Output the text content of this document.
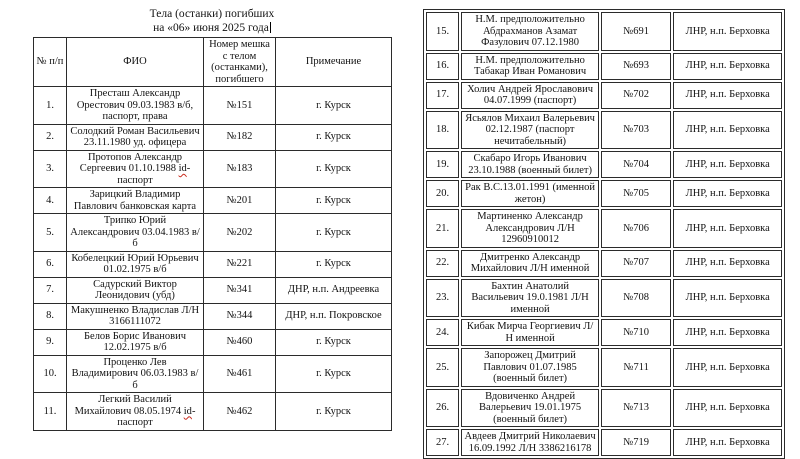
Тела (останки) погибших
на «06» июня 2025 года
№ п/п	ФИО	Номер мешка с телом (останками), погибшего	Примечание
1.	Престаш Александр Орестович 09.03.1983 в/б, паспорт, права	№151	г. Курск
2.	Солодкий Роман Васильевич 23.11.1980 уд. офицера	№182	г. Курск
3.	Протопов Александр Сергеевич 01.10.1988 id-паспорт	№183	г. Курск
4.	Зарицкий Владимир Павлович банковская карта	№201	г. Курск
5.	Трипко Юрий Александрович 03.04.1983 в/б	№202	г. Курск
6.	Кобелецкий Юрий Юрьевич 01.02.1975 в/б	№221	г. Курск
7.	Садурский Виктор Леонидович (убд)	№341	ДНР, н.п. Андреевка
8.	Макушненко Владислав Л/Н 3166111072	№344	ДНР, н.п. Покровское
9.	Белов Борис Иванович 12.02.1975 в/б	№460	г. Курск
10.	Проценко Лев Владимирович 06.03.1983 в/б	№461	г. Курск
11.	Легкий Василий Михайлович 08.05.1974 id-паспорт	№462	г. Курск
15.	Н.М. предположительно Абдрахманов Азамат Фазулович 07.12.1980	№691	ЛНР, н.п. Берховка
16.	Н.М. предположительно Табакар Иван Романович	№693	ЛНР, н.п. Берховка
17.	Холич Андрей Ярославович 04.07.1999 (паспорт)	№702	ЛНР, н.п. Берховка
18.	Ясьялов Михаил Валерьевич 02.12.1987 (паспорт нечитабельный)	№703	ЛНР, н.п. Берховка
19.	Скабаро Игорь Иванович 23.10.1988 (военный билет)	№704	ЛНР, н.п. Берховка
20.	Рак В.С.13.01.1991 (именной жетон)	№705	ЛНР, н.п. Берховка
21.	Мартиненко Александр Александрович Л/Н 12960910012	№706	ЛНР, н.п. Берховка
22.	Дмитренко Александр Михайлович Л/Н именной	№707	ЛНР, н.п. Берховка
23.	Бахтин Анатолий Васильевич 19.0.1981 Л/Н именной	№708	ЛНР, н.п. Берховка
24.	Кибак Мирча Георгиевич Л/Н именной	№710	ЛНР, н.п. Берховка
25.	Запорожец Дмитрий Павлович 01.07.1985 (военный билет)	№711	ЛНР, н.п. Берховка
26.	Вдовиченко Андрей Валерьевич 19.01.1975 (военный билет)	№713	ЛНР, н.п. Берховка
27.	Авдеев Дмитрий Николаевич 16.09.1992 Л/Н 3386216178	№719	ЛНР, н.п. Берховка
